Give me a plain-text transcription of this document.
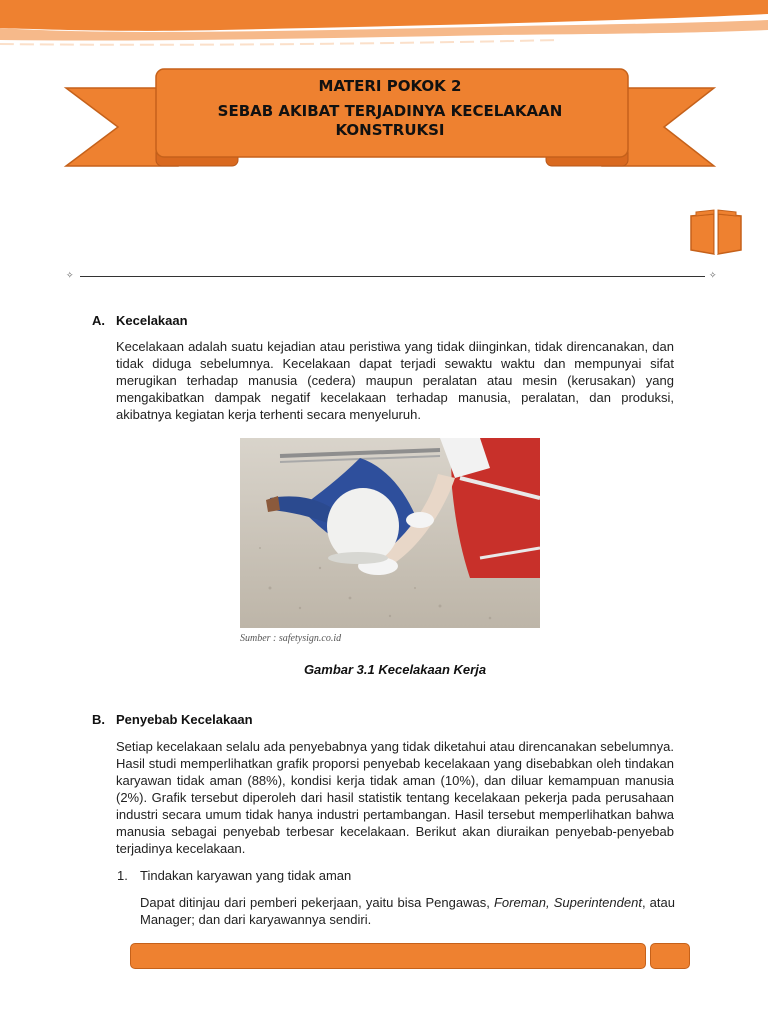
MATERI POKOK 2
SEBAB AKIBAT TERJADINYA KECELAKAAN KONSTRUKSI
✧	✧
A. Kecelakaan
Kecelakaan adalah suatu kejadian atau peristiwa yang tidak diinginkan, tidak direncanakan, dan tidak diduga sebelumnya. Kecelakaan dapat terjadi sewaktu waktu dan mempunyai sifat merugikan terhadap manusia (cedera) maupun peralatan atau mesin (kerusakan) yang mengakibatkan dampak negatif kecelakaan terhadap manusia, peralatan, dan produksi, akibatnya kegiatan kerja terhenti secara menyeluruh.
Sumber : safetysign.co.id
Gambar 3.1 Kecelakaan Kerja
B. Penyebab Kecelakaan
Setiap kecelakaan selalu ada penyebabnya yang tidak diketahui atau direncanakan sebelumnya. Hasil studi memperlihatkan grafik proporsi penyebab kecelakaan yang disebabkan oleh tindakan karyawan tidak aman (88%), kondisi kerja tidak aman (10%), dan diluar kemampuan manusia (2%). Grafik tersebut diperoleh dari hasil statistik tentang kecelakaan pekerja pada perusahaan industri secara umum tidak hanya industri pertambangan. Hasil tersebut memperlihatkan bahwa manusia sebagai penyebab terbesar kecelakaan. Berikut akan diuraikan penyebab-penyebab terjadinya kecelakaan.
1. Tindakan karyawan yang tidak aman
Dapat ditinjau dari pemberi pekerjaan, yaitu bisa Pengawas, Foreman, Superintendent, atau Manager; dan dari karyawannya sendiri.
